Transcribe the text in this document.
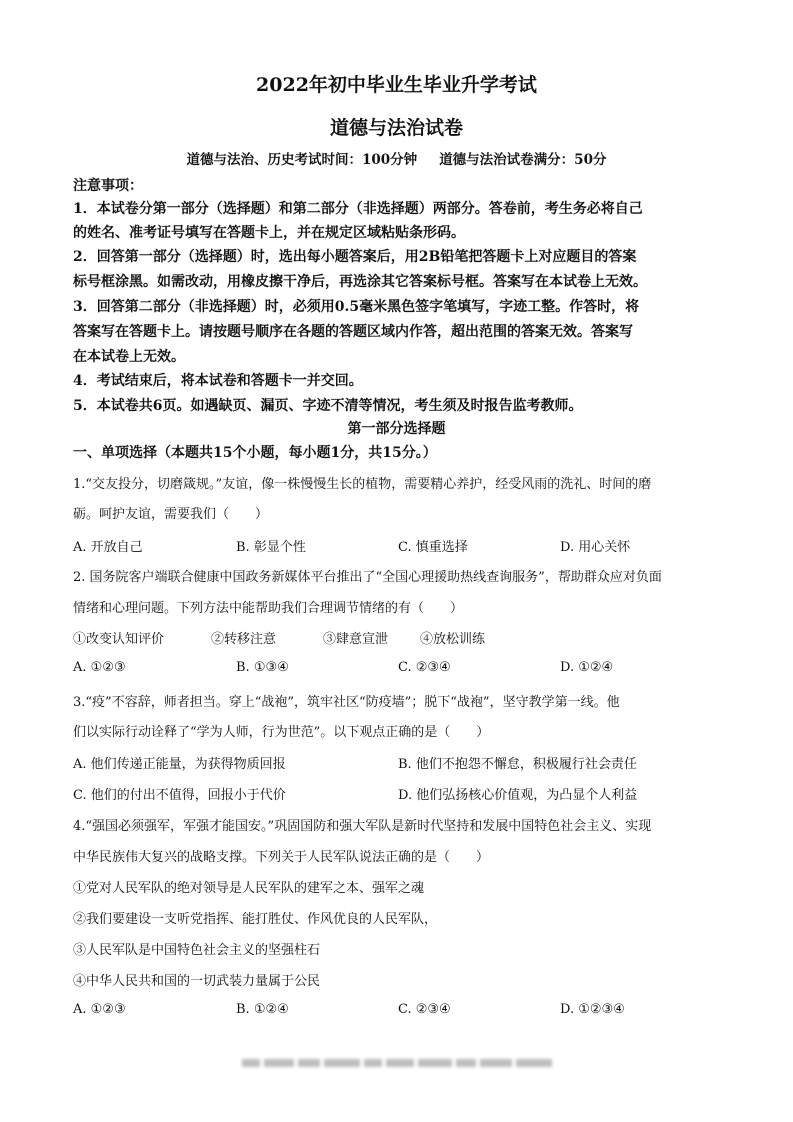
2022年初中毕业生毕业升学考试
道德与法治试卷
道德与法治、历史考试时间：100分钟 道德与法治试卷满分：50分
注意事项：
1．本试卷分第一部分（选择题）和第二部分（非选择题）两部分。答卷前，考生务必将自己
的姓名、准考证号填写在答题卡上，并在规定区域粘贴条形码。
2．回答第一部分（选择题）时，选出每小题答案后，用2B铅笔把答题卡上对应题目的答案
标号框涂黑。如需改动，用橡皮擦干净后，再选涂其它答案标号框。答案写在本试卷上无效。
3．回答第二部分（非选择题）时，必须用0.5毫米黑色签字笔填写，字迹工整。作答时，将
答案写在答题卡上。请按题号顺序在各题的答题区域内作答，超出范围的答案无效。答案写
在本试卷上无效。
4．考试结束后，将本试卷和答题卡一并交回。
5．本试卷共6页。如遇缺页、漏页、字迹不清等情况，考生须及时报告监考教师。
第一部分选择题
一、单项选择（本题共15个小题，每小题1分，共15分。）
1.“交友投分，切磨箴规。”友谊，像一株慢慢生长的植物，需要精心养护，经受风雨的洗礼、时间的磨
砺。呵护友谊，需要我们（　　）
A. 开放自己	B. 彰显个性	C. 慎重选择	D. 用心关怀
2. 国务院客户端联合健康中国政务新媒体平台推出了“全国心理援助热线查询服务”，帮助群众应对负面
情绪和心理问题。下列方法中能帮助我们合理调节情绪的有（　　）
①改变认知评价	②转移注意	③肆意宣泄 ④放松训练
A. ①②③	B. ①③④	C. ②③④	D. ①②④
3.“疫”不容辞，师者担当。穿上“战袍”，筑牢社区“防疫墙”；脱下“战袍”，坚守教学第一线。他
们以实际行动诠释了“学为人师，行为世范”。以下观点正确的是（　　）
A. 他们传递正能量，为获得物质回报	B. 他们不抱怨不懈怠，积极履行社会责任
C. 他们的付出不值得，回报小于代价	D. 他们弘扬核心价值观，为凸显个人利益
4.“强国必须强军，军强才能国安。”巩固国防和强大军队是新时代坚持和发展中国特色社会主义、实现
中华民族伟大复兴的战略支撑。下列关于人民军队说法正确的是（　　）
①党对人民军队的绝对领导是人民军队的建军之本、强军之魂
②我们要建设一支听党指挥、能打胜仗、作风优良的人民军队，
③人民军队是中国特色社会主义的坚强柱石
④中华人民共和国的一切武装力量属于公民
A. ①②③	B. ①②④	C. ②③④	D. ①②③④
